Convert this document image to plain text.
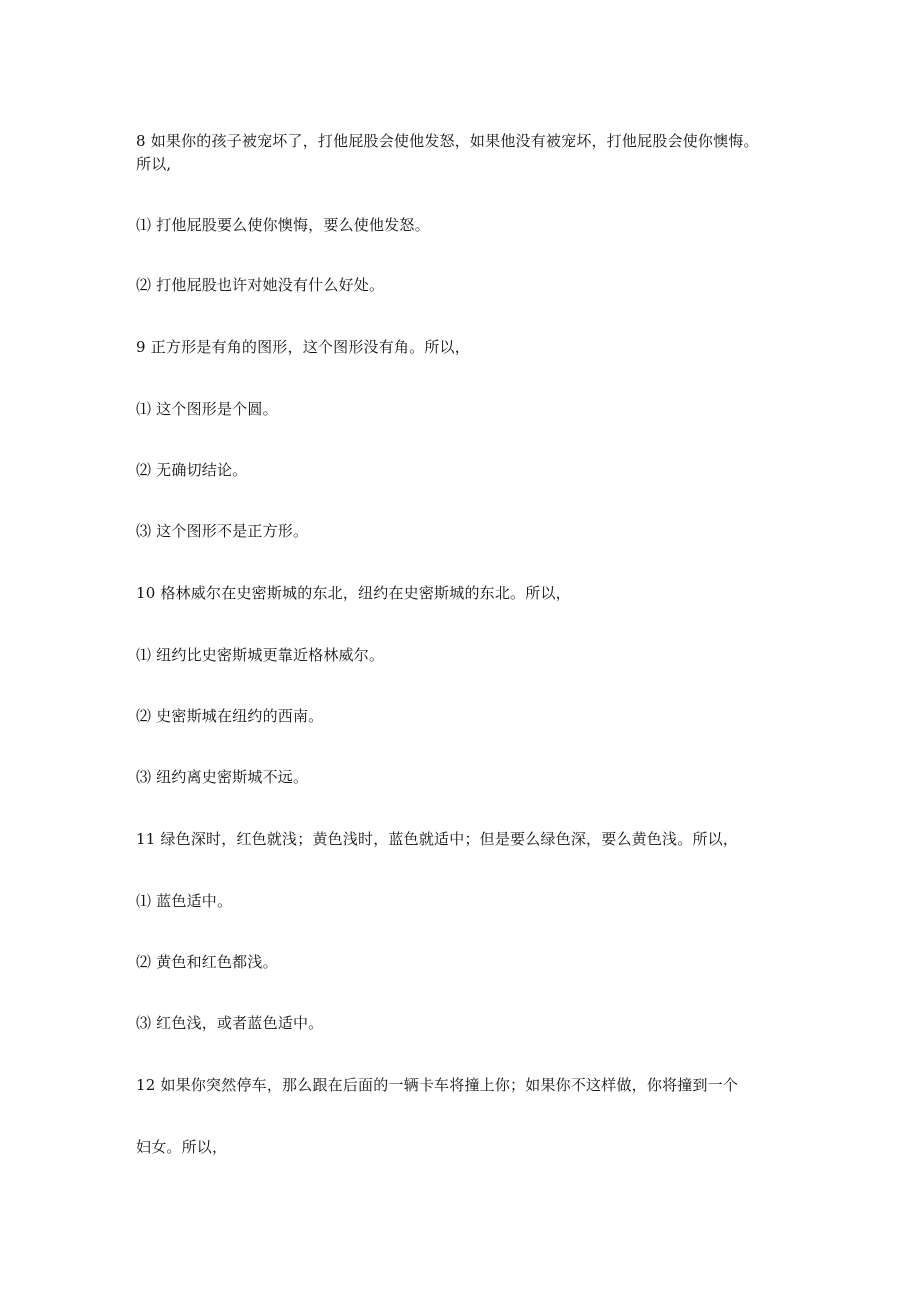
8 如果你的孩子被宠坏了，打他屁股会使他发怒，如果他没有被宠坏，打他屁股会使你懊悔。

所以,

⑴ 打他屁股要么使你懊悔，要么使他发怒。

⑵ 打他屁股也许对她没有什么好处。

9 正方形是有角的图形，这个图形没有角。所以，

⑴ 这个图形是个圆。

⑵ 无确切结论。

⑶ 这个图形不是正方形。

10 格林威尔在史密斯城的东北，纽约在史密斯城的东北。所以，

⑴ 纽约比史密斯城更靠近格林威尔。

⑵ 史密斯城在纽约的西南。

⑶ 纽约离史密斯城不远。

11 绿色深时，红色就浅；黄色浅时，蓝色就适中；但是要么绿色深，要么黄色浅。所以，

⑴ 蓝色适中。

⑵ 黄色和红色都浅。

⑶ 红色浅，或者蓝色适中。

12 如果你突然停车，那么跟在后面的一辆卡车将撞上你；如果你不这样做，你将撞到一个

妇女。所以，
